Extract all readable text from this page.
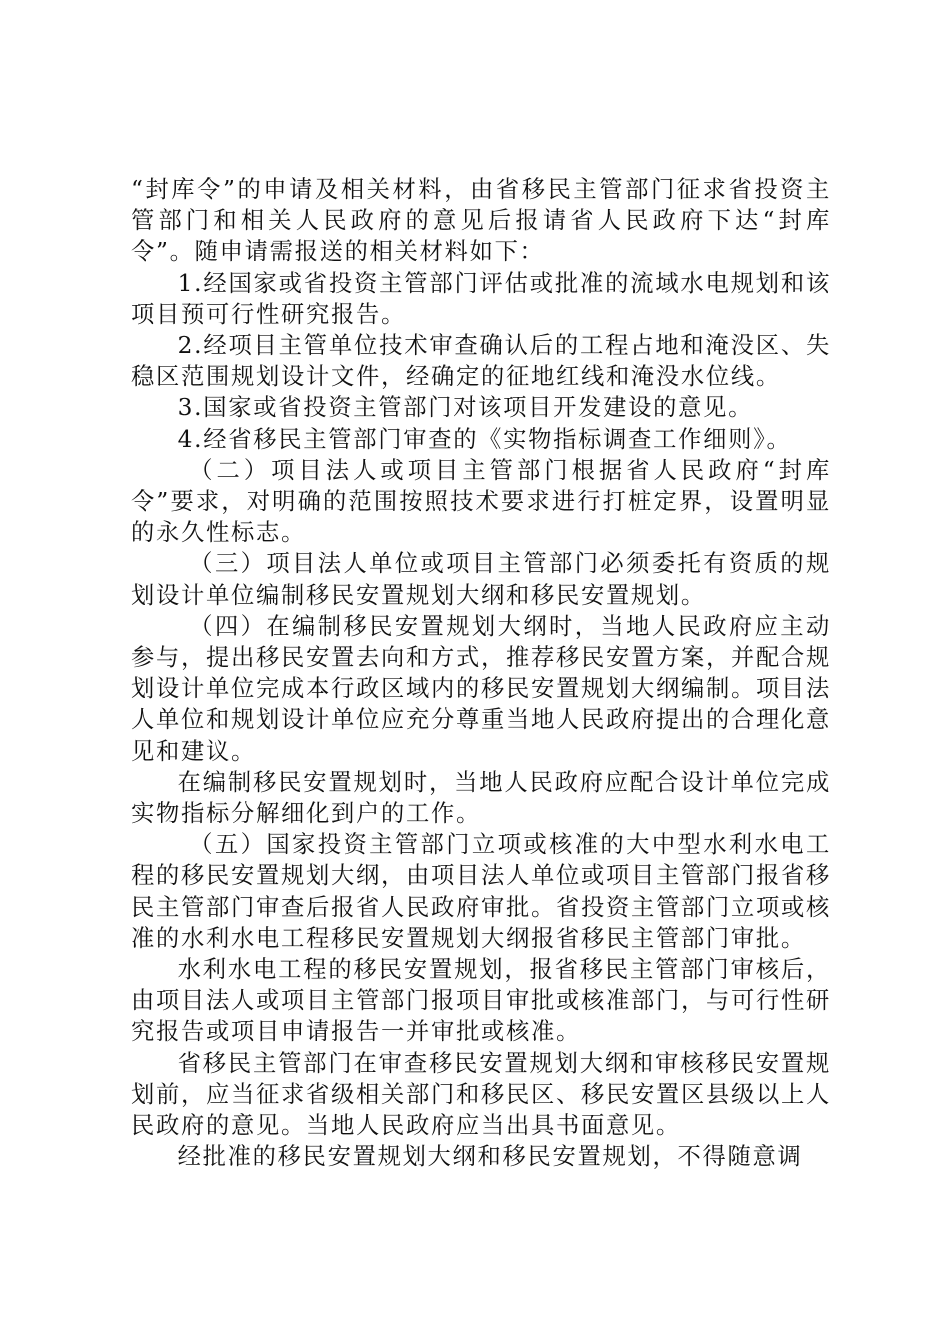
“封库令”的申请及相关材料，由省移民主管部门征求省投资主管部门和相关人民政府的意见后报请省人民政府下达“封库令”。随申请需报送的相关材料如下：

1.经国家或省投资主管部门评估或批准的流域水电规划和该项目预可行性研究报告。

2.经项目主管单位技术审查确认后的工程占地和淹没区、失稳区范围规划设计文件，经确定的征地红线和淹没水位线。

3.国家或省投资主管部门对该项目开发建设的意见。

4.经省移民主管部门审查的《实物指标调查工作细则》。

（二）项目法人或项目主管部门根据省人民政府“封库令”要求，对明确的范围按照技术要求进行打桩定界，设置明显的永久性标志。

（三）项目法人单位或项目主管部门必须委托有资质的规划设计单位编制移民安置规划大纲和移民安置规划。

（四）在编制移民安置规划大纲时，当地人民政府应主动参与，提出移民安置去向和方式，推荐移民安置方案，并配合规划设计单位完成本行政区域内的移民安置规划大纲编制。项目法人单位和规划设计单位应充分尊重当地人民政府提出的合理化意见和建议。

在编制移民安置规划时，当地人民政府应配合设计单位完成实物指标分解细化到户的工作。

（五）国家投资主管部门立项或核准的大中型水利水电工程的移民安置规划大纲，由项目法人单位或项目主管部门报省移民主管部门审查后报省人民政府审批。省投资主管部门立项或核准的水利水电工程移民安置规划大纲报省移民主管部门审批。

水利水电工程的移民安置规划，报省移民主管部门审核后，由项目法人或项目主管部门报项目审批或核准部门，与可行性研究报告或项目申请报告一并审批或核准。

省移民主管部门在审查移民安置规划大纲和审核移民安置规划前，应当征求省级相关部门和移民区、移民安置区县级以上人民政府的意见。当地人民政府应当出具书面意见。

经批准的移民安置规划大纲和移民安置规划，不得随意调
